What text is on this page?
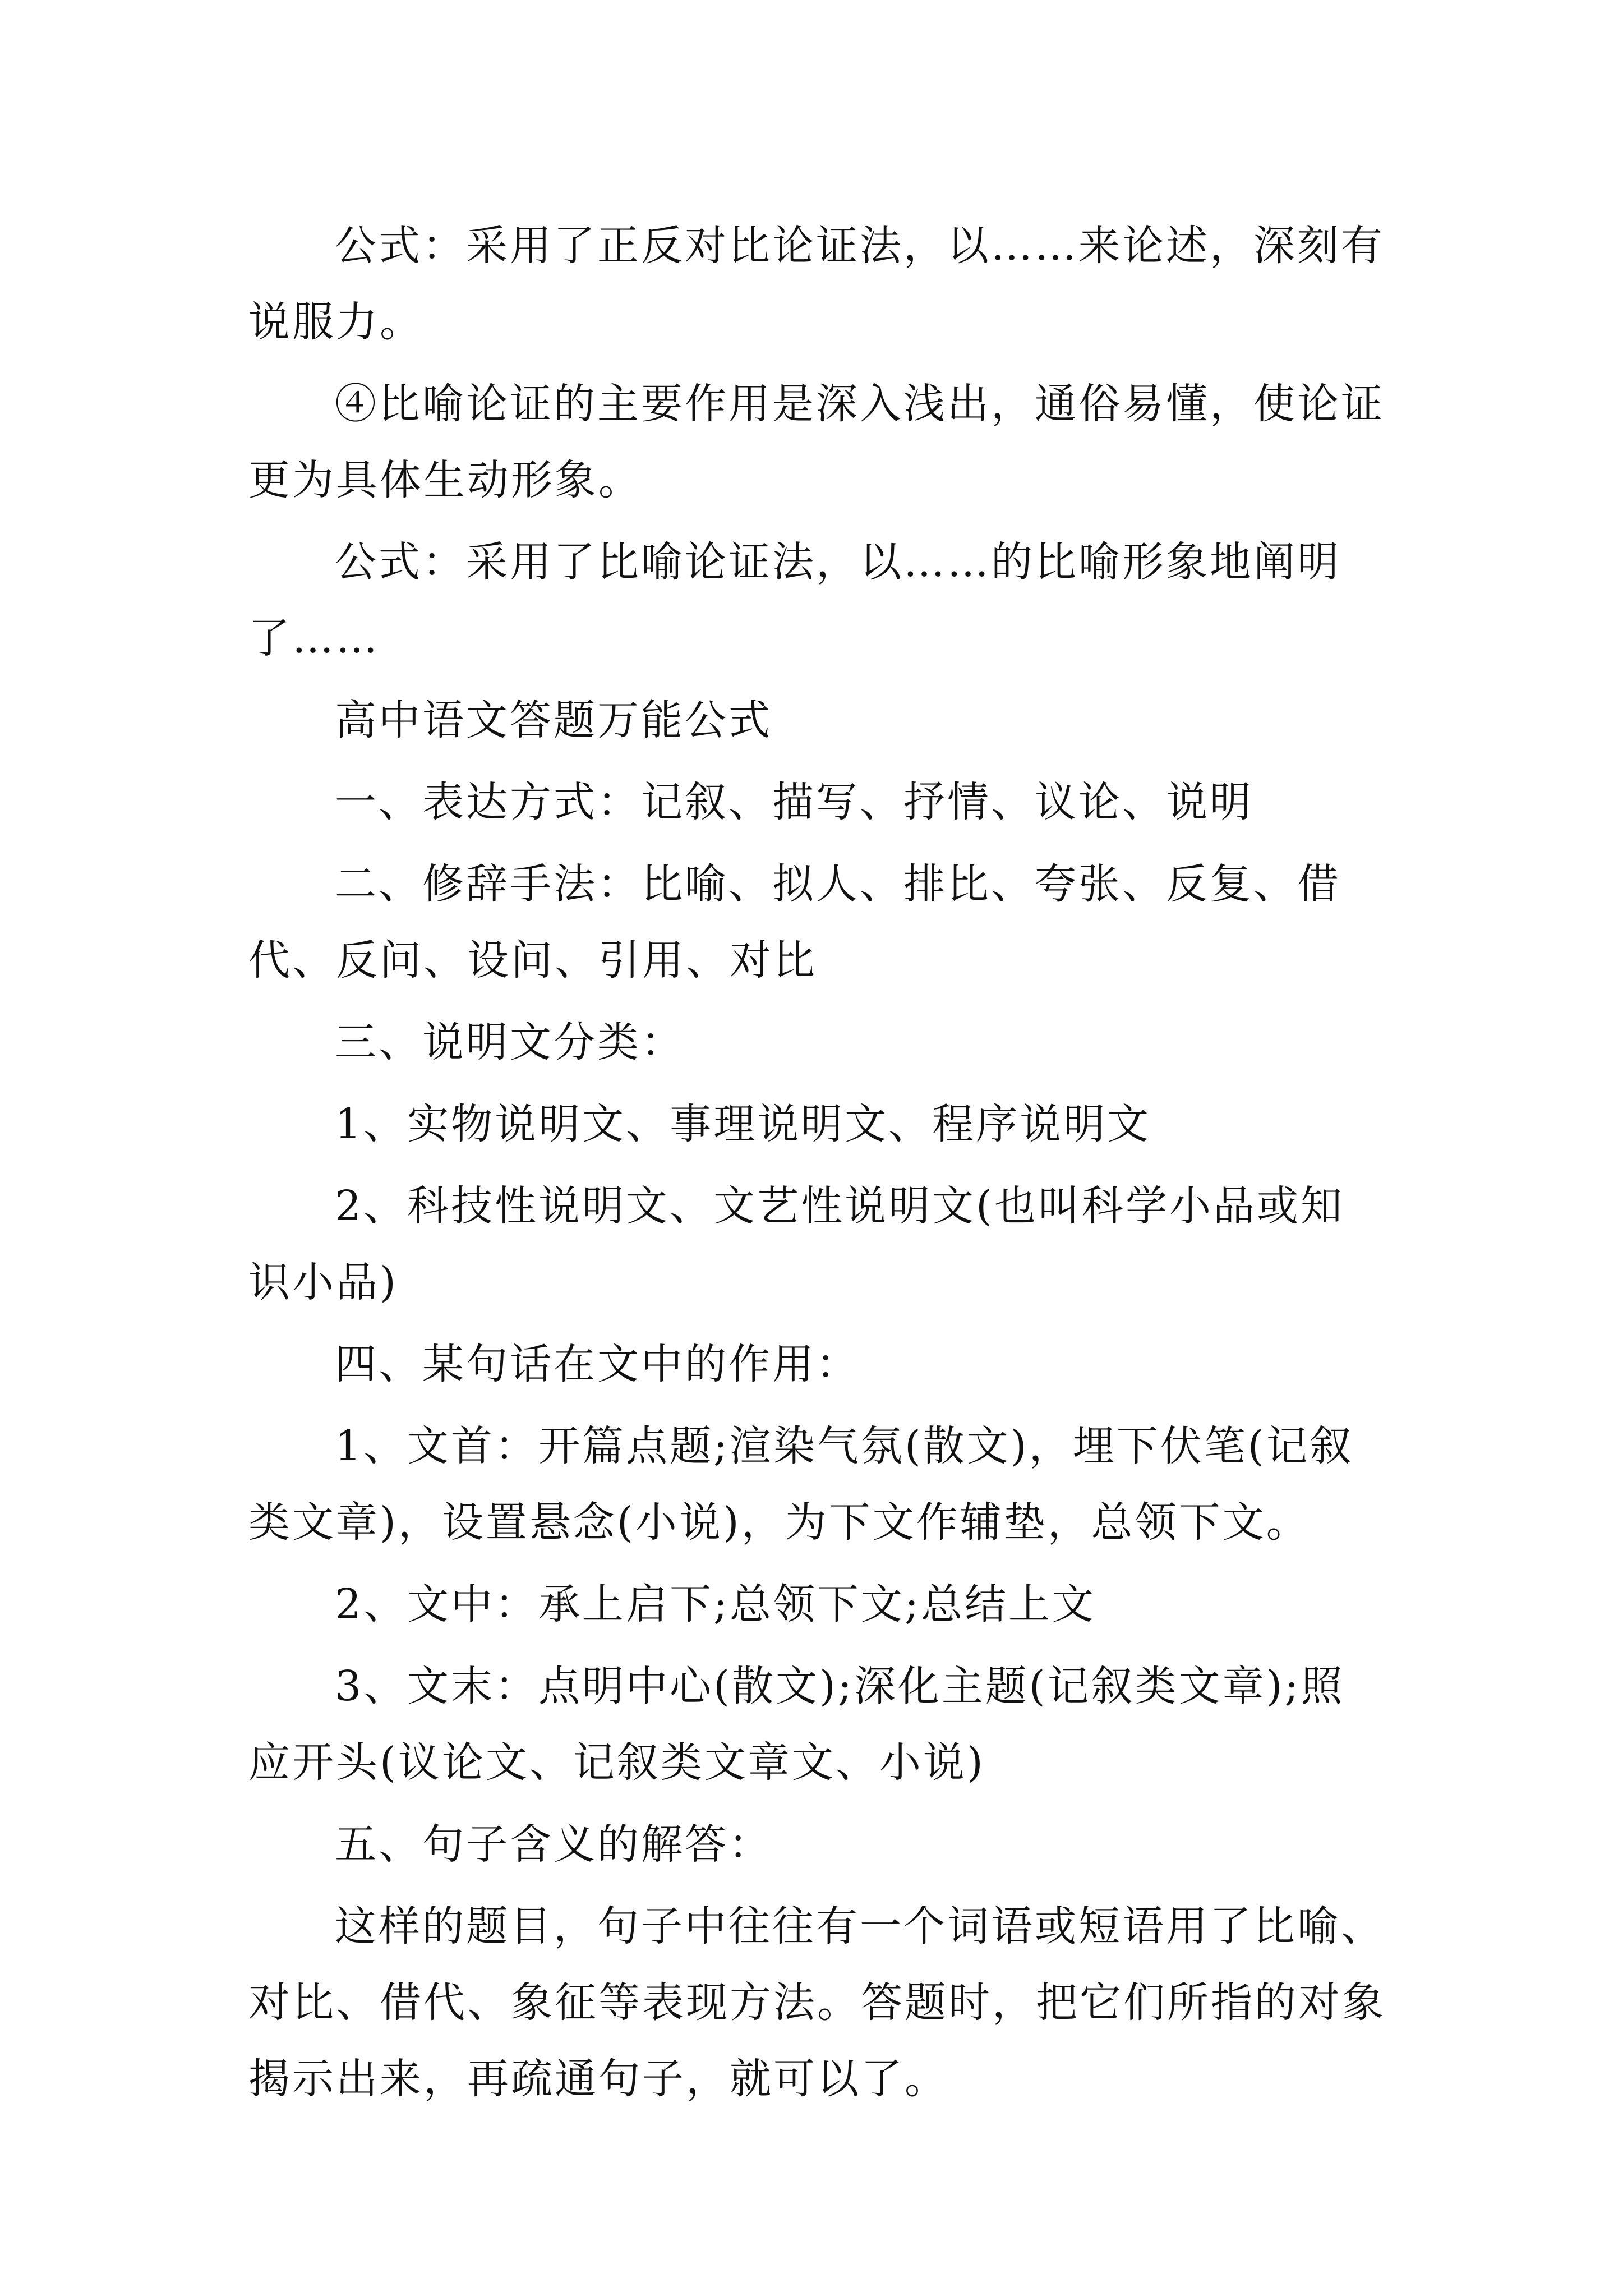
公式：采用了正反对比论证法，以……来论述，深刻有说服力。

④比喻论证的主要作用是深入浅出，通俗易懂，使论证更为具体生动形象。

公式：采用了比喻论证法，以……的比喻形象地阐明了……

高中语文答题万能公式

一、表达方式：记叙、描写、抒情、议论、说明

二、修辞手法：比喻、拟人、排比、夸张、反复、借代、反问、设问、引用、对比

三、说明文分类：

1、实物说明文、事理说明文、程序说明文

2、科技性说明文、文艺性说明文(也叫科学小品或知识小品)

四、某句话在文中的作用：

1、文首：开篇点题;渲染气氛(散文)，埋下伏笔(记叙类文章)，设置悬念(小说)，为下文作辅垫，总领下文。

2、文中：承上启下;总领下文;总结上文

3、文末：点明中心(散文);深化主题(记叙类文章);照应开头(议论文、记叙类文章文、小说)

五、句子含义的解答：

这样的题目，句子中往往有一个词语或短语用了比喻、对比、借代、象征等表现方法。答题时，把它们所指的对象揭示出来，再疏通句子，就可以了。
